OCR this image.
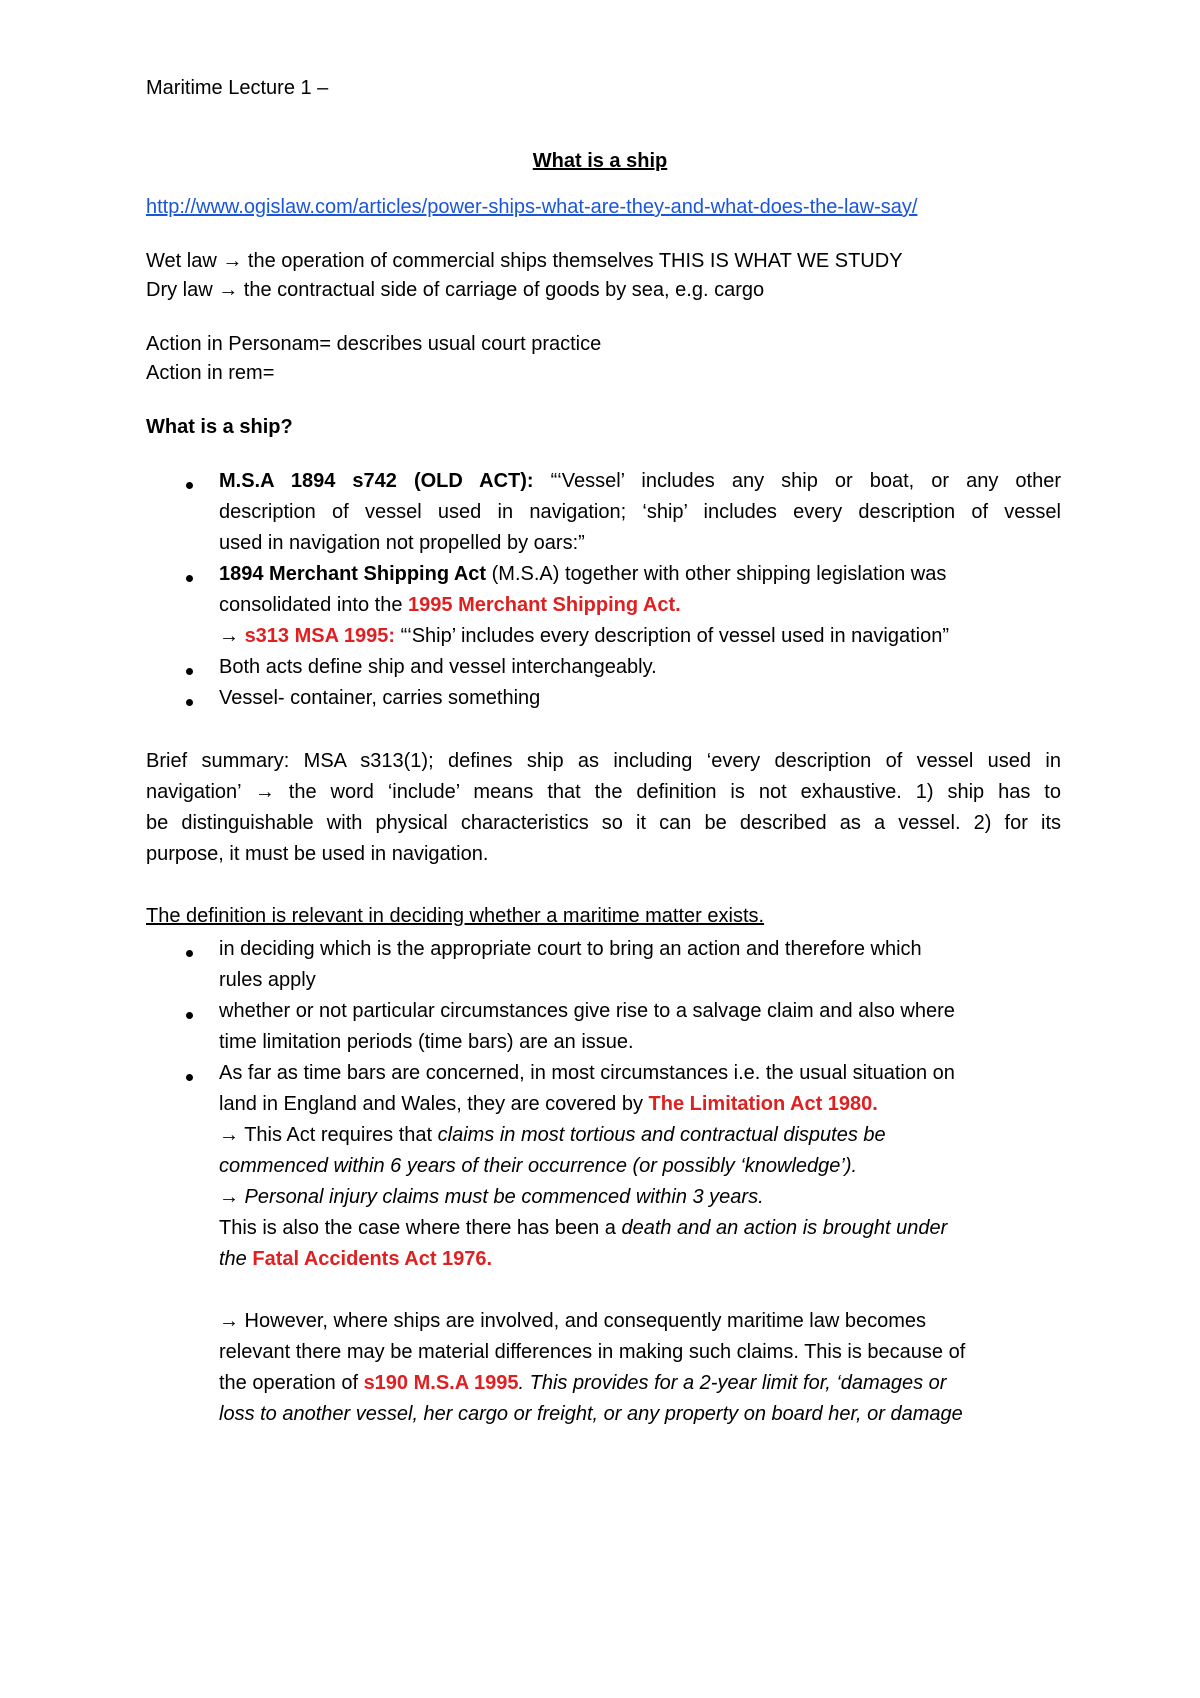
Maritime Lecture 1 –
What is a ship
http://www.ogislaw.com/articles/power-ships-what-are-they-and-what-does-the-law-say/
Wet law → the operation of commercial ships themselves THIS IS WHAT WE STUDY
Dry law → the contractual side of carriage of goods by sea, e.g. cargo
Action in Personam= describes usual court practice
Action in rem=
What is a ship?
M.S.A 1894 s742 (OLD ACT): “‘Vessel’ includes any ship or boat, or any other
description of vessel used in navigation; ‘ship’ includes every description of vessel
used in navigation not propelled by oars:”
1894 Merchant Shipping Act (M.S.A) together with other shipping legislation was
consolidated into the 1995 Merchant Shipping Act.
→ s313 MSA 1995: “‘Ship’ includes every description of vessel used in navigation”
Both acts define ship and vessel interchangeably.
Vessel- container, carries something
Brief summary: MSA s313(1); defines ship as including ‘every description of vessel used in
navigation’ → the word ‘include’ means that the definition is not exhaustive. 1) ship has to
be distinguishable with physical characteristics so it can be described as a vessel. 2) for its
purpose, it must be used in navigation.
The definition is relevant in deciding whether a maritime matter exists.
in deciding which is the appropriate court to bring an action and therefore which
rules apply
whether or not particular circumstances give rise to a salvage claim and also where
time limitation periods (time bars) are an issue.
As far as time bars are concerned, in most circumstances i.e. the usual situation on
land in England and Wales, they are covered by The Limitation Act 1980.
→ This Act requires that claims in most tortious and contractual disputes be
commenced within 6 years of their occurrence (or possibly ‘knowledge’).
→ Personal injury claims must be commenced within 3 years.
This is also the case where there has been a death and an action is brought under
the Fatal Accidents Act 1976.
→ However, where ships are involved, and consequently maritime law becomes
relevant there may be material differences in making such claims. This is because of
the operation of s190 M.S.A 1995. This provides for a 2-year limit for, ‘damages or
loss to another vessel, her cargo or freight, or any property on board her, or damage
